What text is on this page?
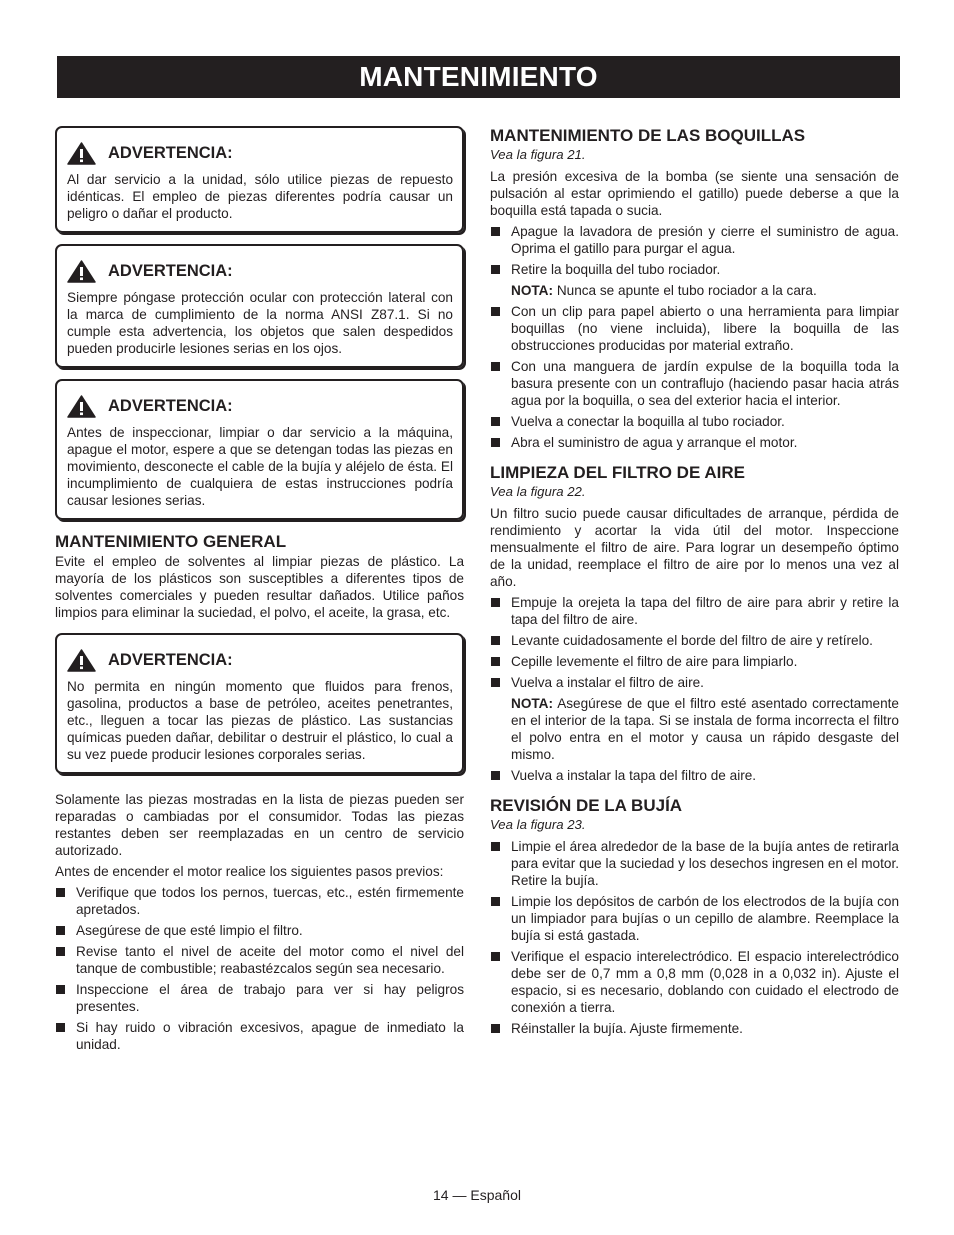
MANTENIMIENTO
ADVERTENCIA:

Al dar servicio a la unidad, sólo utilice piezas de repuesto idénticas. El empleo de piezas diferentes podría causar un peligro o dañar el producto.

ADVERTENCIA:

Siempre póngase protección ocular con protección lateral con la marca de cumplimiento de la norma ANSI Z87.1. Si no cumple esta advertencia, los objetos que salen despedidos pueden producirle lesiones serias en los ojos.

ADVERTENCIA:

Antes de inspeccionar, limpiar o dar servicio a la máquina, apague el motor, espere a que se detengan todas las piezas en movimiento, desconecte el cable de la bujía y aléjelo de ésta. El incumplimiento de cualquiera de estas instrucciones podría causar lesiones serias.

MANTENIMIENTO GENERAL

Evite el empleo de solventes al limpiar piezas de plástico. La mayoría de los plásticos son susceptibles a diferentes tipos de solventes comerciales y pueden resultar dañados. Utilice paños limpios para eliminar la suciedad, el polvo, el aceite, la grasa, etc.

ADVERTENCIA:

No permita en ningún momento que fluidos para frenos, gasolina, productos a base de petróleo, aceites penetrantes, etc., lleguen a tocar las piezas de plástico. Las sustancias químicas pueden dañar, debilitar o destruir el plástico, lo cual a su vez puede producir lesiones corporales serias.

Solamente las piezas mostradas en la lista de piezas pueden ser reparadas o cambiadas por el consumidor. Todas las piezas restantes deben ser reemplazadas en un centro de servicio autorizado.

Antes de encender el motor realice los siguientes pasos previos:

Verifique que todos los pernos, tuercas, etc., estén firmemente apretados.
Asegúrese de que esté limpio el filtro.
Revise tanto el nivel de aceite del motor como el nivel del tanque de combustible; reabastézcalos según sea necesario.
Inspeccione el área de trabajo para ver si hay peligros presentes.
Si hay ruido o vibración excesivos, apague de inmediato la unidad.
MANTENIMIENTO DE LAS BOQUILLAS

Vea la figura 21.

La presión excesiva de la bomba (se siente una sensación de pulsación al estar oprimiendo el gatillo) puede deberse a que la boquilla está tapada o sucia.

Apague la lavadora de presión y cierre el suministro de agua. Oprima el gatillo para purgar el agua.
Retire la boquilla del tubo rociador.

NOTA: Nunca se apunte el tubo rociador a la cara.

Con un clip para papel abierto o una herramienta para limpiar boquillas (no viene incluida), libere la boquilla de las obstrucciones producidas por material extraño.
Con una manguera de jardín expulse de la boquilla toda la basura presente con un contraflujo (haciendo pasar hacia atrás agua por la boquilla, o sea del exterior hacia el interior.
Vuelva a conectar la boquilla al tubo rociador.
Abra el suministro de agua y arranque el motor.
LIMPIEZA DEL FILTRO DE AIRE

Vea la figura 22.

Un filtro sucio puede causar dificultades de arranque, pérdida de rendimiento y acortar la vida útil del motor. Inspeccione mensualmente el filtro de aire. Para lograr un desempeño óptimo de la unidad, reemplace el filtro de aire por lo menos una vez al año.

Empuje la orejeta la tapa del filtro de aire para abrir y retire la tapa del filtro de aire.
Levante cuidadosamente el borde del filtro de aire y retírelo.
Cepille levemente el filtro de aire para limpiarlo.
Vuelva a instalar el filtro de aire.

NOTA: Asegúrese de que el filtro esté asentado correctamente en el interior de la tapa. Si se instala de forma incorrecta el filtro el polvo entra en el motor y causa un rápido desgaste del mismo.

Vuelva a instalar la tapa del filtro de aire.
REVISIÓN DE LA BUJÍA

Vea la figura 23.

Limpie el área alrededor de la base de la bujía antes de retirarla para evitar que la suciedad y los desechos ingresen en el motor. Retire la bujía.
Limpie los depósitos de carbón de los electrodos de la bujía con un limpiador para bujías o un cepillo de alambre. Reemplace la bujía si está gastada.
Verifique el espacio interelectródico. El espacio interelectródico debe ser de 0,7 mm a 0,8 mm (0,028 in a 0,032 in). Ajuste el espacio, si es necesario, doblando con cuidado el electrodo de conexión a tierra.
Réinstaller la bujía. Ajuste firmemente.
14 — Español
